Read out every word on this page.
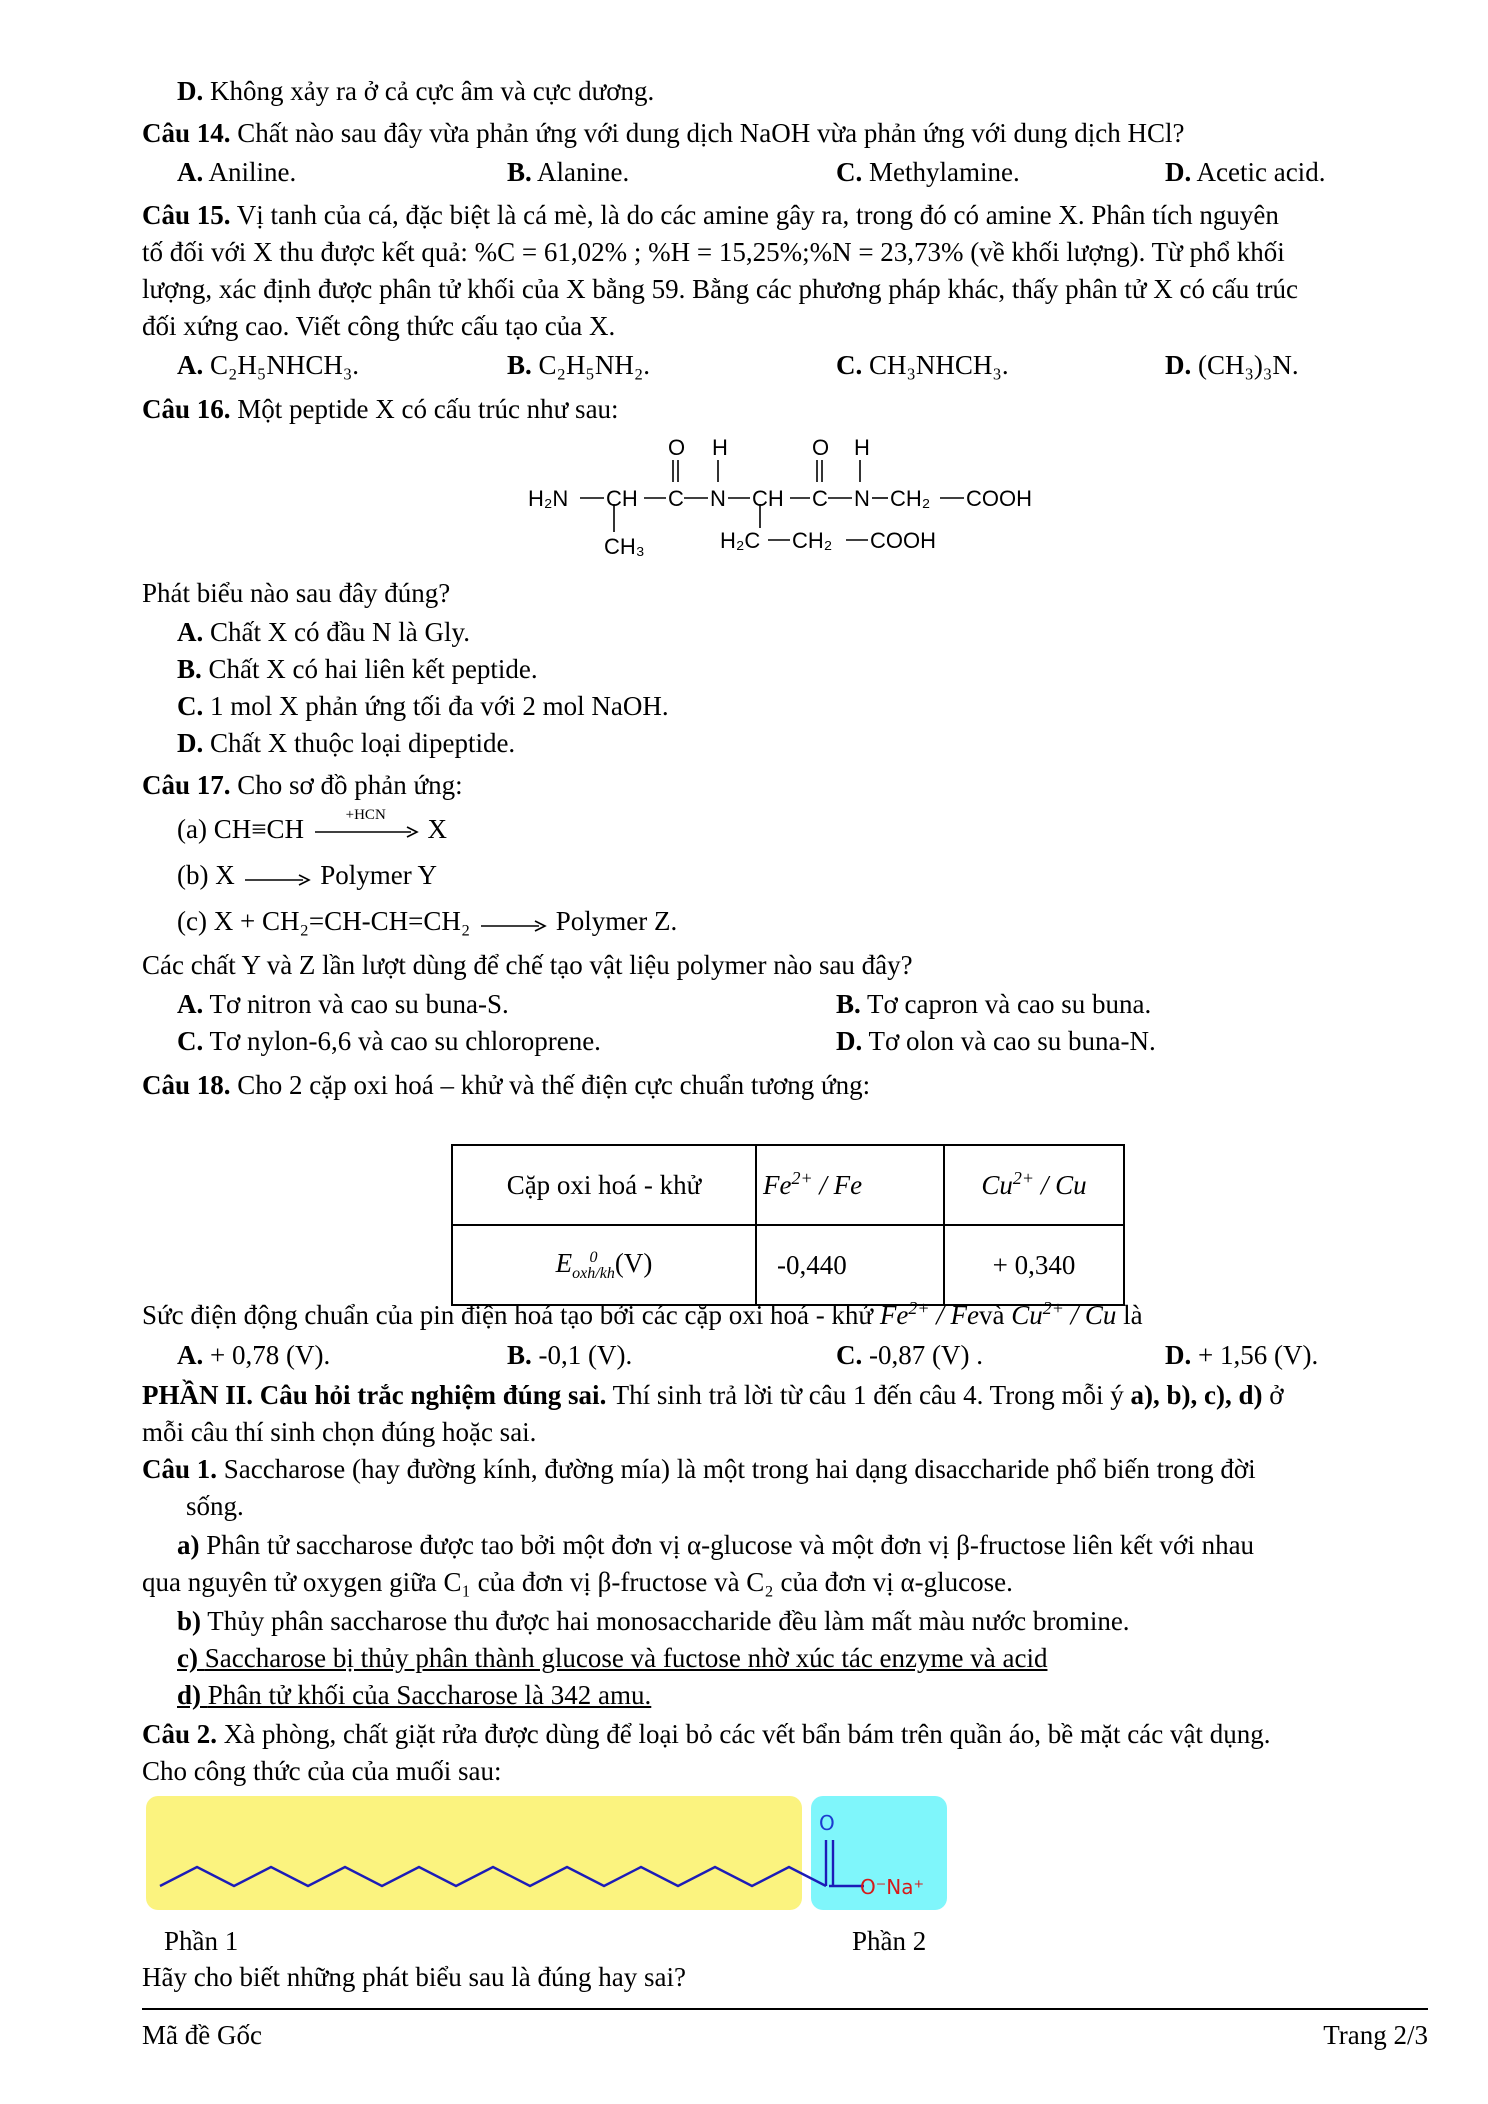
D. Không xảy ra ở cả cực âm và cực dương.
Câu 14. Chất nào sau đây vừa phản ứng với dung dịch NaOH vừa phản ứng với dung dịch HCl?
A. Aniline.	B. Alanine.	C. Methylamine.	D. Acetic acid.
Câu 15. Vị tanh của cá, đặc biệt là cá mè, là do các amine gây ra, trong đó có amine X. Phân tích nguyên
tố đối với X thu được kết quả: %C = 61,02% ; %H = 15,25%;%N = 23,73% (về khối lượng). Từ phổ khối
lượng, xác định được phân tử khối của X bằng 59. Bằng các phương pháp khác, thấy phân tử X có cấu trúc
đối xứng cao. Viết công thức cấu tạo của X.
A. C₂H₅NHCH₃.	B. C₂H₅NH₂.	C. CH₃NHCH₃.	D. (CH₃)₃N.
Câu 16. Một peptide X có cấu trúc như sau:
H₂N CH C N CH C N CH₂ COOH
O H	O H
CH₃	H₂C CH₂ COOH
Phát biểu nào sau đây đúng?
A. Chất X có đầu N là Gly.
B. Chất X có hai liên kết peptide.
C. 1 mol X phản ứng tối đa với 2 mol NaOH.
D. Chất X thuộc loại dipeptide.
Câu 17. Cho sơ đồ phản ứng:
(a) CH≡CH	+HCN	X
(b) X	Polymer Y
(c) X + CH₂=CH-CH=CH₂	Polymer Z.
Các chất Y và Z lần lượt dùng để chế tạo vật liệu polymer nào sau đây?
A. Tơ nitron và cao su buna-S.	B. Tơ capron và cao su buna.
C. Tơ nylon-6,6 và cao su chloroprene.	D. Tơ olon và cao su buna-N.
Câu 18. Cho 2 cặp oxi hoá – khử và thế điện cực chuẩn tương ứng:
Cặp oxi hoá - khử	$Fe^{2+}$ / Fe	$Cu^{2+}$ / Cu
E 0
oxh/kh (V)	-0,440	+ 0,340
Sức điện động chuẩn của pin điện hoá tạo bởi các cặp oxi hoá - khử $Fe^{2+}$ / Fevà $Cu^{2+}$ / Cu là
A. + 0,78 (V).	B. -0,1 (V).	C. -0,87 (V) .	D. + 1,56 (V).
PHẦN II. Câu hỏi trắc nghiệm đúng sai. Thí sinh trả lời từ câu 1 đến câu 4. Trong mỗi ý a), b), c), d) ở
mỗi câu thí sinh chọn đúng hoặc sai.
Câu 1. Saccharose (hay đường kính, đường mía) là một trong hai dạng disaccharide phổ biến trong đời
sống.
a) Phân tử saccharose được tao bởi một đơn vị α-glucose và một đơn vị β-fructose liên kết với nhau
qua nguyên tử oxygen giữa C₁ của đơn vị β-fructose và C₂ của đơn vị α-glucose.
b) Thủy phân saccharose thu được hai monosaccharide đều làm mất màu nước bromine.
c) Saccharose bị thủy phân thành glucose và fuctose nhờ xúc tác enzyme và acid
d) Phân tử khối của Saccharose là 342 amu.
Câu 2. Xà phòng, chất giặt rửa được dùng để loại bỏ các vết bẩn bám trên quần áo, bề mặt các vật dụng.
Cho công thức của của muối sau:
O
O⁻Na⁺
Phần 1	Phần 2
Hãy cho biết những phát biểu sau là đúng hay sai?
Mã đề Gốc	Trang 2/3
